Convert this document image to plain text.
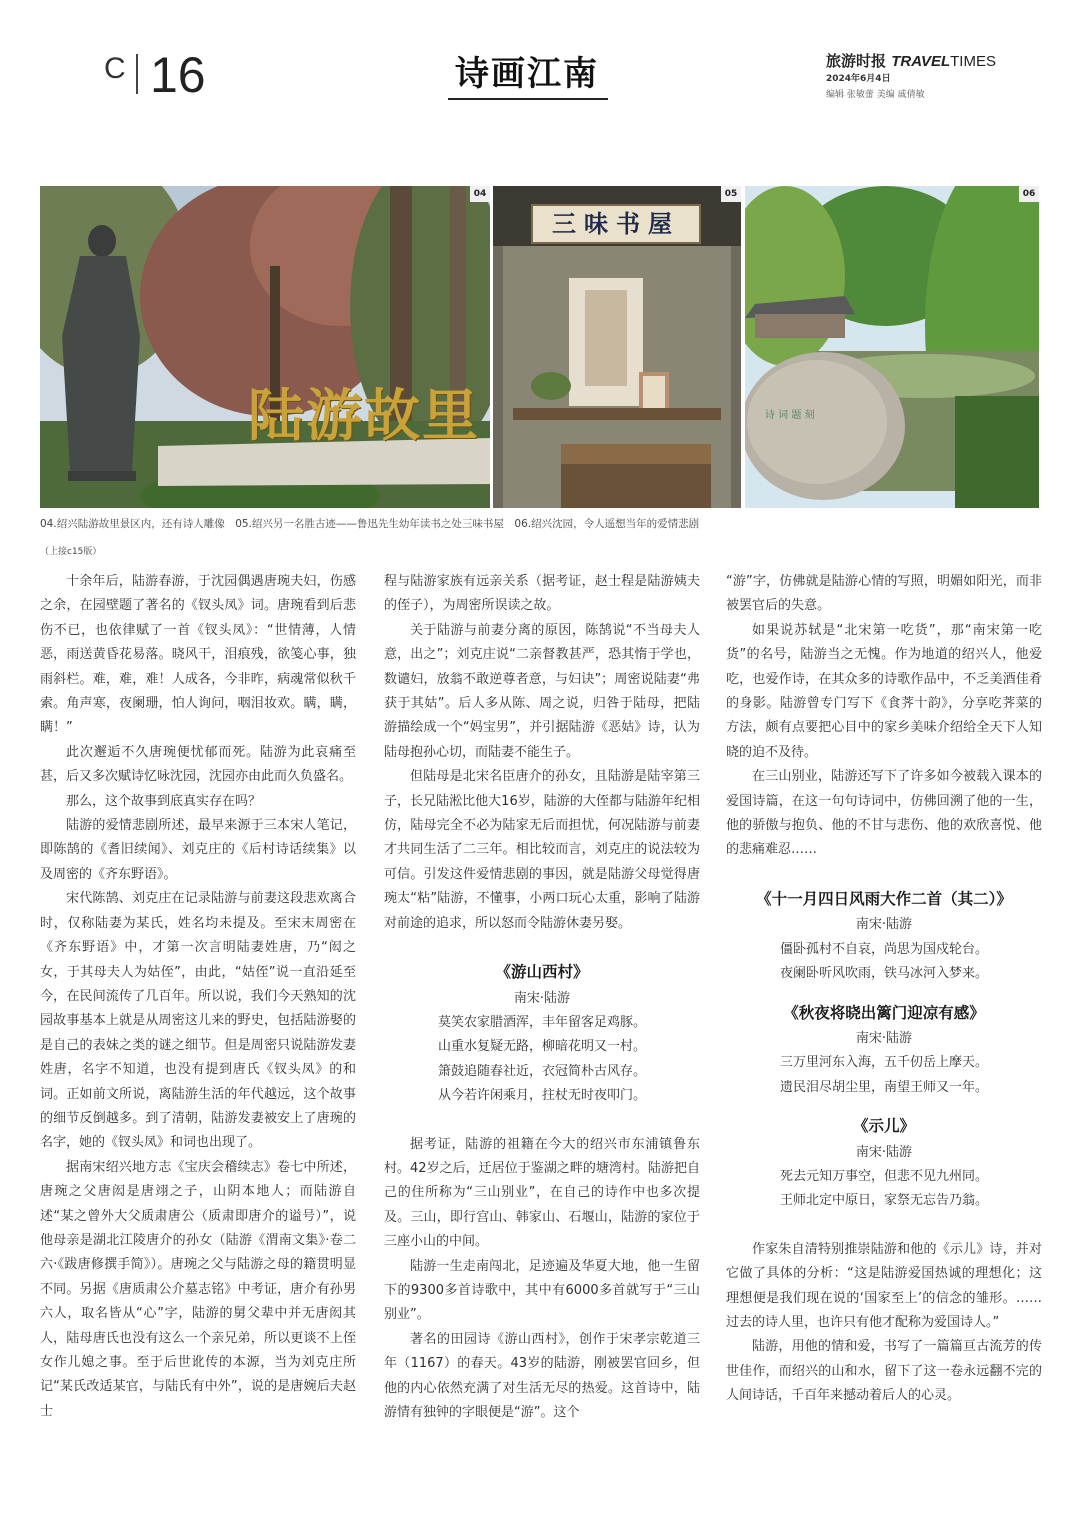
C 16	诗画江南	旅游时报 TRAVELTIMES
2024年6月4日
编辑 张敏蕾 美编 戚倩敏
陆游故里
04
三味书屋
05
诗 词 题 刻
06
04.绍兴陆游故里景区内，还有诗人雕像　05.绍兴另一名胜古迹——鲁迅先生幼年读书之处三味书屋　06.绍兴沈园，令人遥想当年的爱情悲剧
（上接c15版）

十余年后，陆游春游，于沈园偶遇唐琬夫妇，伤感之余，在园壁题了著名的《钗头凤》词。唐琬看到后悲伤不已，也依律赋了一首《钗头凤》：“世情薄，人情恶，雨送黄昏花易落。晓风干，泪痕残，欲笺心事，独雨斜栏。难，难，难！人成各，今非昨，病魂常似秋千索。角声寒，夜阑珊，怕人询问，咽泪妆欢。瞒，瞒，瞒！”

此次邂逅不久唐琬便忧郁而死。陆游为此哀痛至甚，后又多次赋诗忆咏沈园，沈园亦由此而久负盛名。

那么，这个故事到底真实存在吗？

陆游的爱情悲剧所述，最早来源于三本宋人笔记，即陈鹄的《耆旧续闻》、刘克庄的《后村诗话续集》以及周密的《齐东野语》。

宋代陈鹄、刘克庄在记录陆游与前妻这段悲欢离合时，仅称陆妻为某氏，姓名均未提及。至宋末周密在《齐东野语》中，才第一次言明陆妻姓唐，乃“闳之女，于其母夫人为姑侄”，由此，“姑侄”说一直沿延至今，在民间流传了几百年。所以说，我们今天熟知的沈园故事基本上就是从周密这儿来的野史，包括陆游娶的是自己的表妹之类的谜之细节。但是周密只说陆游发妻姓唐，名字不知道，也没有提到唐氏《钗头凤》的和词。正如前文所说，离陆游生活的年代越远，这个故事的细节反倒越多。到了清朝，陆游发妻被安上了唐琬的名字，她的《钗头凤》和词也出现了。

据南宋绍兴地方志《宝庆会稽续志》卷七中所述，唐琬之父唐闳是唐翊之子，山阴本地人；而陆游自述“某之曾外大父质肃唐公（质肃即唐介的谥号）”，说他母亲是湖北江陵唐介的孙女（陆游《渭南文集》·卷二六·《跋唐修撰手简》）。唐琬之父与陆游之母的籍贯明显不同。另据《唐质肃公介墓志铭》中考证，唐介有孙男六人，取名皆从“心”字，陆游的舅父辈中并无唐闳其人，陆母唐氏也没有这么一个亲兄弟，所以更谈不上侄女作儿媳之事。至于后世讹传的本源，当为刘克庄所记“某氏改适某官，与陆氏有中外”，说的是唐婉后夫赵士

程与陆游家族有远亲关系（据考证，赵士程是陆游姨夫的侄子），为周密所误读之故。

关于陆游与前妻分离的原因，陈鹄说“不当母夫人意，出之”；刘克庄说“二亲督教甚严，恐其惰于学也，数谴妇，放翁不敢逆尊者意，与妇诀”；周密说陆妻“弗获于其姑”。后人多从陈、周之说，归咎于陆母，把陆游描绘成一个“妈宝男”，并引据陆游《恶姑》诗，认为陆母抱孙心切，而陆妻不能生子。

但陆母是北宋名臣唐介的孙女，且陆游是陆宰第三子，长兄陆淞比他大16岁，陆游的大侄都与陆游年纪相仿，陆母完全不必为陆家无后而担忧，何况陆游与前妻才共同生活了二三年。相比较而言，刘克庄的说法较为可信。引发这件爱情悲剧的事因，就是陆游父母觉得唐琬太“粘”陆游，不懂事，小两口玩心太重，影响了陆游对前途的追求，所以怒而令陆游休妻另娶。

《游山西村》
南宋·陆游
莫笑农家腊酒浑，丰年留客足鸡豚。
山重水复疑无路，柳暗花明又一村。
箫鼓追随春社近，衣冠简朴古风存。
从今若许闲乘月，拄杖无时夜叩门。

据考证，陆游的祖籍在今大的绍兴市东浦镇鲁东村。42岁之后，迁居位于鉴湖之畔的塘湾村。陆游把自己的住所称为“三山别业”，在自己的诗作中也多次提及。三山，即行宫山、韩家山、石堰山，陆游的家位于三座小山的中间。

陆游一生走南闯北，足迹遍及华夏大地，他一生留下的9300多首诗歌中，其中有6000多首就写于“三山别业”。

著名的田园诗《游山西村》，创作于宋孝宗乾道三年（1167）的春天。43岁的陆游，刚被罢官回乡，但他的内心依然充满了对生活无尽的热爱。这首诗中，陆游情有独钟的字眼便是“游”。这个

“游”字，仿佛就是陆游心情的写照，明媚如阳光，而非被罢官后的失意。

如果说苏轼是“北宋第一吃货”，那“南宋第一吃货”的名号，陆游当之无愧。作为地道的绍兴人，他爱吃，也爱作诗，在其众多的诗歌作品中，不乏美酒佳肴的身影。陆游曾专门写下《食荠十韵》，分享吃荠菜的方法，颇有点要把心目中的家乡美味介绍给全天下人知晓的迫不及待。

在三山别业，陆游还写下了许多如今被载入课本的爱国诗篇，在这一句句诗词中，仿佛回溯了他的一生，他的骄傲与抱负、他的不甘与悲伤、他的欢欣喜悦、他的悲痛难忍……

《十一月四日风雨大作二首（其二）》
南宋·陆游
僵卧孤村不自哀，尚思为国戍轮台。
夜阑卧听风吹雨，铁马冰河入梦来。
《秋夜将晓出篱门迎凉有感》
南宋·陆游
三万里河东入海，五千仞岳上摩天。
遗民泪尽胡尘里，南望王师又一年。
《示儿》
南宋·陆游
死去元知万事空，但悲不见九州同。
王师北定中原日，家祭无忘告乃翁。

作家朱自清特别推崇陆游和他的《示儿》诗，并对它做了具体的分析：“这是陆游爱国热诚的理想化；这理想便是我们现在说的‘国家至上’的信念的雏形。……过去的诗人里，也许只有他才配称为爱国诗人。”

陆游，用他的情和爱，书写了一篇篇亘古流芳的传世佳作，而绍兴的山和水，留下了这一卷永远翻不完的人间诗话，千百年来撼动着后人的心灵。
